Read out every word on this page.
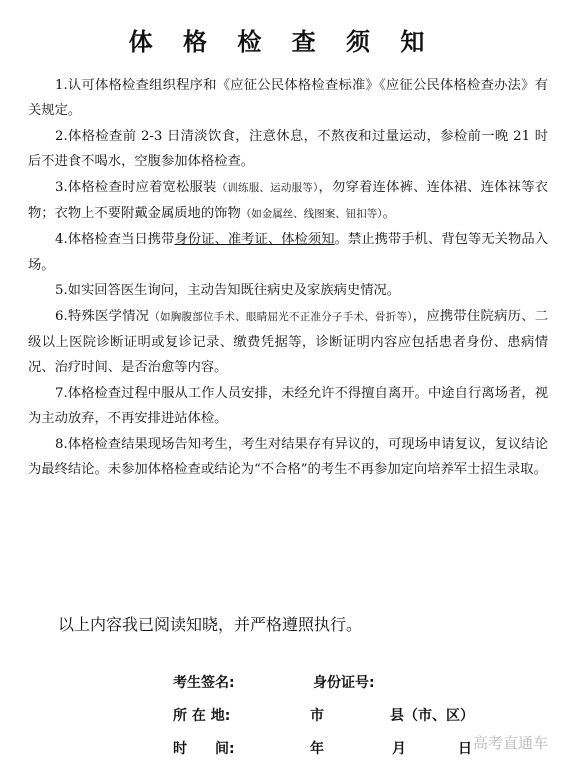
体 格 检 查 须 知

1.认可体格检查组织程序和《应征公民体格检查标准》《应征公民体格检查办法》有关规定。

2.体格检查前 2-3 日清淡饮食，注意休息，不熬夜和过量运动，参检前一晚 21 时后不进食不喝水，空腹参加体格检查。

3.体格检查时应着宽松服装（训练服、运动服等），勿穿着连体裤、连体裙、连体袜等衣物；衣物上不要附戴金属质地的饰物（如金属丝、线图案、钮扣等）。

4.体格检查当日携带身份证、准考证、体检须知。禁止携带手机、背包等无关物品入场。

5.如实回答医生询问，主动告知既往病史及家族病史情况。

6.特殊医学情况（如胸腹部位手术、眼睛屈光不正准分子手术、骨折等），应携带住院病历、二级以上医院诊断证明或复诊记录、缴费凭据等，诊断证明内容应包括患者身份、患病情况、治疗时间、是否治愈等内容。

7.体格检查过程中服从工作人员安排，未经允许不得擅自离开。中途自行离场者，视为主动放弃，不再安排进站体检。

8.体格检查结果现场告知考生，考生对结果存有异议的，可现场申请复议，复议结论为最终结论。未参加体格检查或结论为“不合格”的考生不再参加定向培养军士招生录取。

以上内容我已阅读知晓，并严格遵照执行。
考生签名:	身份证号:
所 在 地:	市	县（市、区）
时　　间:	年	月	日 高考直通车
